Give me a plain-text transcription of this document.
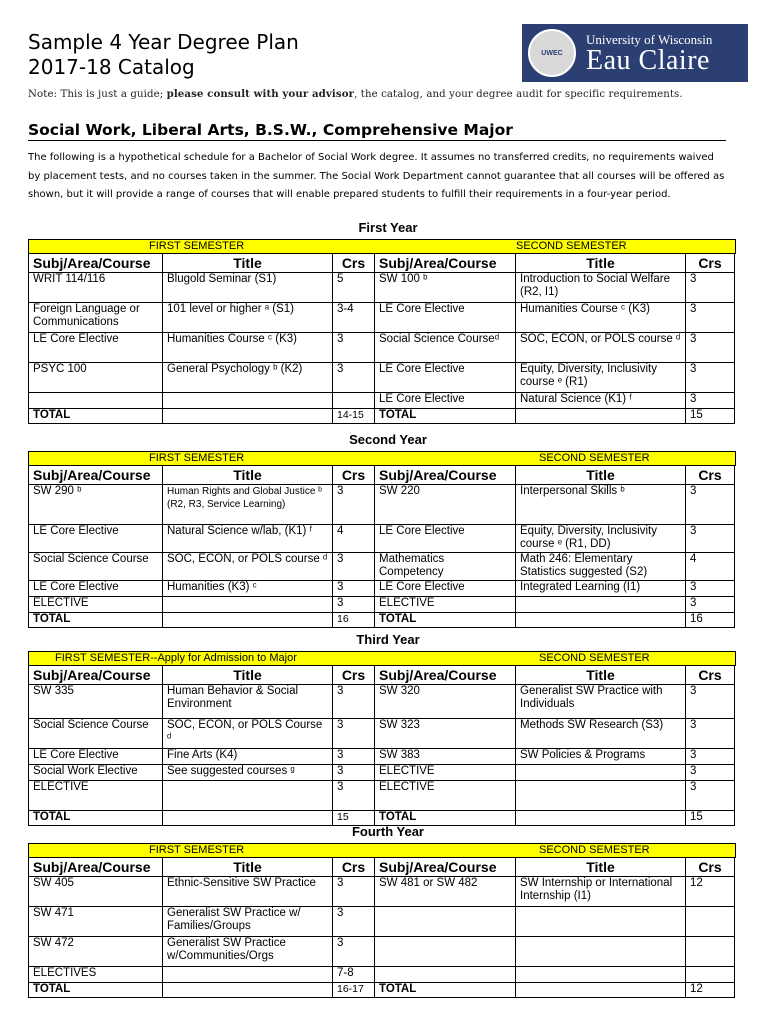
Sample 4 Year Degree Plan
2017-18 Catalog
UWEC
University of Wisconsin
Eau Claire
Note: This is just a guide; please consult with your advisor, the catalog, and your degree audit for specific requirements.
Social Work, Liberal Arts, B.S.W., Comprehensive Major
The following is a hypothetical schedule for a Bachelor of Social Work degree. It assumes no transferred credits, no requirements waived by placement tests, and no courses taken in the summer. The Social Work Department cannot guarantee that all courses will be offered as shown, but it will provide a range of courses that will enable prepared students to fulfill their requirements in a four-year period.
First Year
FIRST SEMESTER	SECOND SEMESTER
Subj/Area/Course	Title	Crs	Subj/Area/Course	Title	Crs
WRIT 114/116	Blugold Seminar (S1)	5	SW 100 ᵇ	Introduction to Social Welfare (R2, I1)	3
Foreign Language or Communications	101 level or higher ᵃ (S1)	3-4	LE Core Elective	Humanities Course ᶜ (K3)	3
LE Core Elective	Humanities Course ᶜ (K3)	3	Social Science Courseᵈ	SOC, ECON, or POLS course ᵈ	3
PSYC 100	General Psychology ᵇ (K2)	3	LE Core Elective	Equity, Diversity, Inclusivity course ᵉ (R1)	3
			LE Core Elective	Natural Science (K1) ᶠ	3
TOTAL		14-15	TOTAL		15
Second Year
FIRST SEMESTER	SECOND SEMESTER
Subj/Area/Course	Title	Crs	Subj/Area/Course	Title	Crs
SW 290 ᵇ	Human Rights and Global Justice ᵇ (R2, R3, Service Learning)	3	SW 220	Interpersonal Skills ᵇ	3
LE Core Elective	Natural Science w/lab, (K1) ᶠ	4	LE Core Elective	Equity, Diversity, Inclusivity course ᵉ (R1, DD)	3
Social Science Course	SOC, ECON, or POLS course ᵈ	3	Mathematics Competency	Math 246: Elementary Statistics suggested (S2)	4
LE Core Elective	Humanities (K3) ᶜ	3	LE Core Elective	Integrated Learning (I1)	3
ELECTIVE		3	ELECTIVE		3
TOTAL		16	TOTAL		16
Third Year
FIRST SEMESTER--Apply for Admission to Major	SECOND SEMESTER
Subj/Area/Course	Title	Crs	Subj/Area/Course	Title	Crs
SW 335	Human Behavior & Social Environment	3	SW 320	Generalist SW Practice with Individuals	3
Social Science Course	SOC, ECON, or POLS Course ᵈ	3	SW 323	Methods SW Research (S3)	3
LE Core Elective	Fine Arts (K4)	3	SW 383	SW Policies & Programs	3
Social Work Elective	See suggested courses ᵍ	3	ELECTIVE		3
ELECTIVE		3	ELECTIVE		3
TOTAL		15	TOTAL		15
Fourth Year
FIRST SEMESTER	SECOND SEMESTER
Subj/Area/Course	Title	Crs	Subj/Area/Course	Title	Crs
SW 405	Ethnic-Sensitive SW Practice	3	SW 481 or SW 482	SW Internship or International Internship (I1)	12
SW 471	Generalist SW Practice w/ Families/Groups	3			
SW 472	Generalist SW Practice w/Communities/Orgs	3			
ELECTIVES		7-8			
TOTAL		16-17	TOTAL		12
